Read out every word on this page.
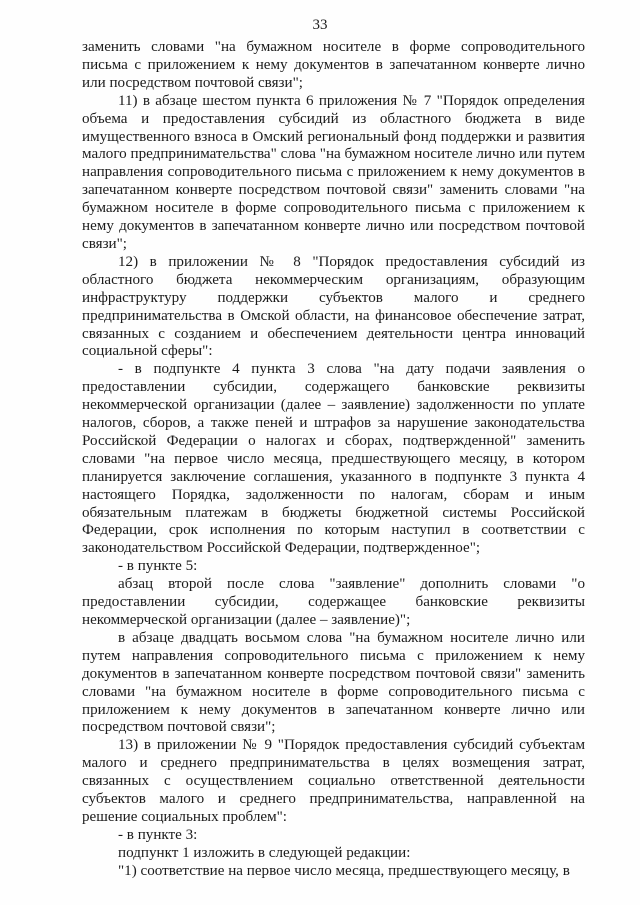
33

заменить словами "на бумажном носителе в форме сопроводительного письма с приложением к нему документов в запечатанном конверте лично или посредством почтовой связи";

11) в абзаце шестом пункта 6 приложения № 7 "Порядок определения объема и предоставления субсидий из областного бюджета в виде имущественного взноса в Омский региональный фонд поддержки и развития малого предпринимательства" слова "на бумажном носителе лично или путем направления сопроводительного письма с приложением к нему документов в запечатанном конверте посредством почтовой связи" заменить словами "на бумажном носителе в форме сопроводительного письма с приложением к нему документов в запечатанном конверте лично или посредством почтовой связи";

12) в приложении № 8 "Порядок предоставления субсидий из областного бюджета некоммерческим организациям, образующим инфраструктуру поддержки субъектов малого и среднего предпринимательства в Омской области, на финансовое обеспечение затрат, связанных с созданием и обеспечением деятельности центра инноваций социальной сферы":

- в подпункте 4 пункта 3 слова "на дату подачи заявления о предоставлении субсидии, содержащего банковские реквизиты некоммерческой организации (далее – заявление) задолженности по уплате налогов, сборов, а также пеней и штрафов за нарушение законодательства Российской Федерации о налогах и сборах, подтвержденной" заменить словами "на первое число месяца, предшествующего месяцу, в котором планируется заключение соглашения, указанного в подпункте 3 пункта 4 настоящего Порядка, задолженности по налогам, сборам и иным обязательным платежам в бюджеты бюджетной системы Российской Федерации, срок исполнения по которым наступил в соответствии с законодательством Российской Федерации, подтвержденное";

- в пункте 5:

абзац второй после слова "заявление" дополнить словами "о предоставлении субсидии, содержащее банковские реквизиты некоммерческой организации (далее – заявление)";

в абзаце двадцать восьмом слова "на бумажном носителе лично или путем направления сопроводительного письма с приложением к нему документов в запечатанном конверте посредством почтовой связи" заменить словами "на бумажном носителе в форме сопроводительного письма с приложением к нему документов в запечатанном конверте лично или посредством почтовой связи";

13) в приложении № 9 "Порядок предоставления субсидий субъектам малого и среднего предпринимательства в целях возмещения затрат, связанных с осуществлением социально ответственной деятельности субъектов малого и среднего предпринимательства, направленной на решение социальных проблем":

- в пункте 3:

подпункт 1 изложить в следующей редакции:

"1) соответствие на первое число месяца, предшествующего месяцу, в
